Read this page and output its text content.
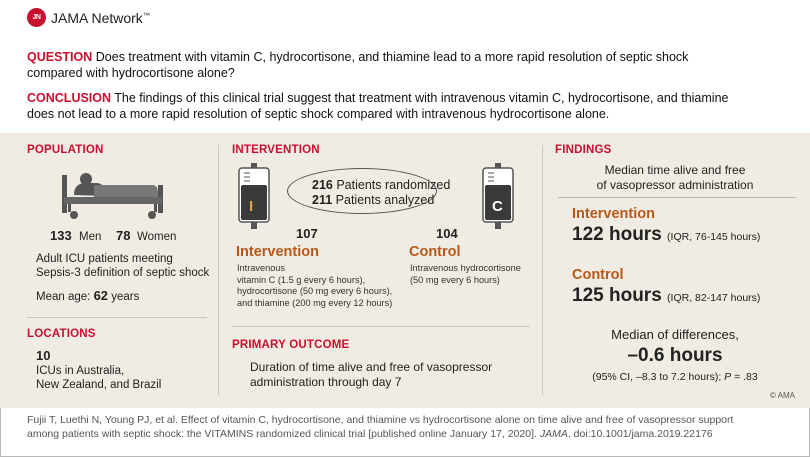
JN JAMA Network™
QUESTION Does treatment with vitamin C, hydrocortisone, and thiamine lead to a more rapid resolution of septic shock
compared with hydrocortisone alone?
CONCLUSION The findings of this clinical trial suggest that treatment with intravenous vitamin C, hydrocortisone, and thiamine
does not lead to a more rapid resolution of septic shock compared with intravenous hydrocortisone alone.
POPULATION
133 Men 78 Women
Adult ICU patients meeting
Sepsis-3 definition of septic shock
Mean age: 62 years
LOCATIONS
10
ICUs in Australia,
New Zealand, and Brazil
INTERVENTION
216 Patients randomized
211 Patients analyzed
I	C
107	104
Intervention	Control
Intravenous
vitamin C (1.5 g every 6 hours),
hydrocortisone (50 mg every 6 hours),
and thiamine (200 mg every 12 hours)
Intravenous hydrocortisone
(50 mg every 6 hours)
PRIMARY OUTCOME
Duration of time alive and free of vasopressor
administration through day 7
FINDINGS
Median time alive and free
of vasopressor administration
Intervention
122 hours (IQR, 76-145 hours)
Control
125 hours (IQR, 82-147 hours)
Median of differences,
–0.6 hours
(95% CI, –8.3 to 7.2 hours); P = .83
© AMA
Fujii T, Luethi N, Young PJ, et al. Effect of vitamin C, hydrocortisone, and thiamine vs hydrocortisone alone on time alive and free of vasopressor support
among patients with septic shock: the VITAMINS randomized clinical trial [published online January 17, 2020]. JAMA. doi:10.1001/jama.2019.22176
